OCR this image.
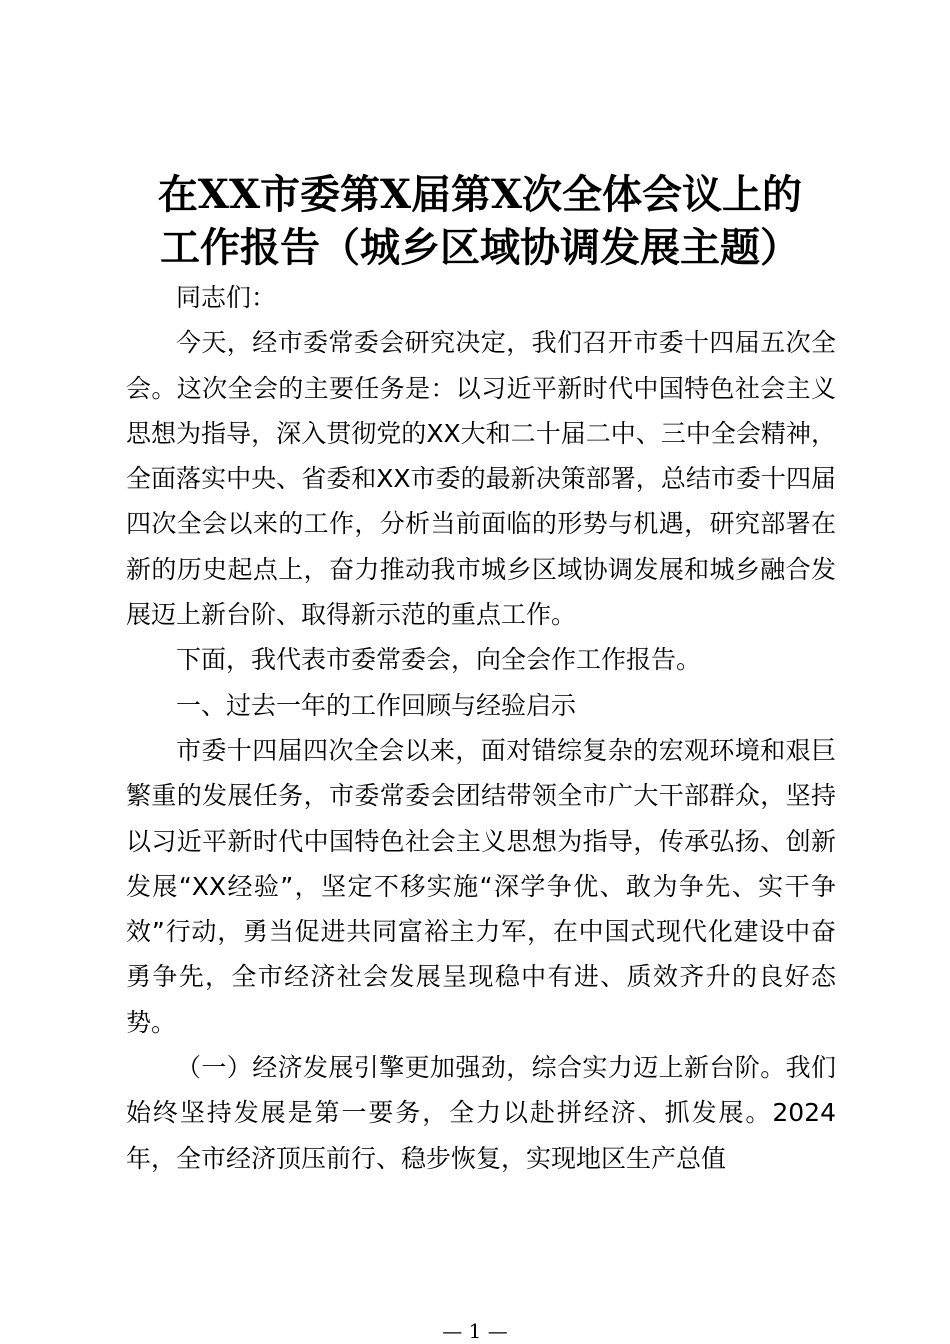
在XX市委第X届第X次全体会议上的
工作报告（城乡区域协调发展主题）

同志们：

今天，经市委常委会研究决定，我们召开市委十四届五次全会。这次全会的主要任务是：以习近平新时代中国特色社会主义思想为指导，深入贯彻党的XX大和二十届二中、三中全会精神，全面落实中央、省委和XX市委的最新决策部署，总结市委十四届四次全会以来的工作，分析当前面临的形势与机遇，研究部署在新的历史起点上，奋力推动我市城乡区域协调发展和城乡融合发展迈上新台阶、取得新示范的重点工作。

下面，我代表市委常委会，向全会作工作报告。

一、过去一年的工作回顾与经验启示

市委十四届四次全会以来，面对错综复杂的宏观环境和艰巨繁重的发展任务，市委常委会团结带领全市广大干部群众，坚持以习近平新时代中国特色社会主义思想为指导，传承弘扬、创新发展“XX经验”，坚定不移实施“深学争优、敢为争先、实干争效”行动，勇当促进共同富裕主力军，在中国式现代化建设中奋勇争先，全市经济社会发展呈现稳中有进、质效齐升的良好态势。

（一）经济发展引擎更加强劲，综合实力迈上新台阶。我们始终坚持发展是第一要务，全力以赴拼经济、抓发展。2024年，全市经济顶压前行、稳步恢复，实现地区生产总值

— 1 —
